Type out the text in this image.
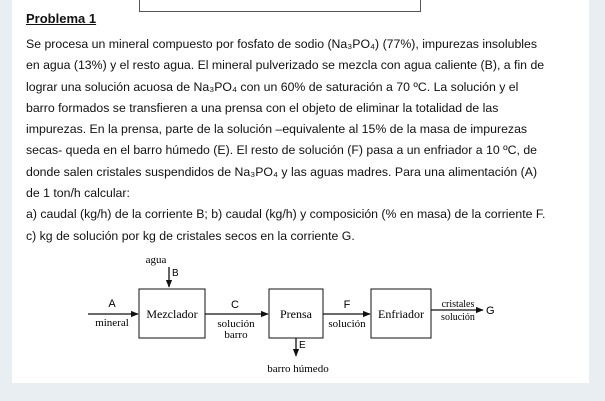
Problema 1

Se procesa un mineral compuesto por fosfato de sodio (Na₃PO₄) (77%), impurezas insolubles

en agua (13%) y el resto agua. El mineral pulverizado se mezcla con agua caliente (B), a fin de

lograr una solución acuosa de Na₃PO₄ con un 60% de saturación a 70 ºC. La solución y el

barro formados se transfieren a una prensa con el objeto de eliminar la totalidad de las

impurezas. En la prensa, parte de la solución –equivalente al 15% de la masa de impurezas

secas- queda en el barro húmedo (E). El resto de solución (F) pasa a un enfriador a 10 ºC, de

donde salen cristales suspendidos de Na₃PO₄ y las aguas madres. Para una alimentación (A)

de 1 ton/h calcular:

a) caudal (kg/h) de la corriente B; b) caudal (kg/h) y composición (% en masa) de la corriente F.

c) kg de solución por kg de cristales secos en la corriente G.

agua
B
A
mineral
Mezclador
C
solución
barro
Prensa
E
barro húmedo
F
solución
Enfriador
cristales
solución
G
